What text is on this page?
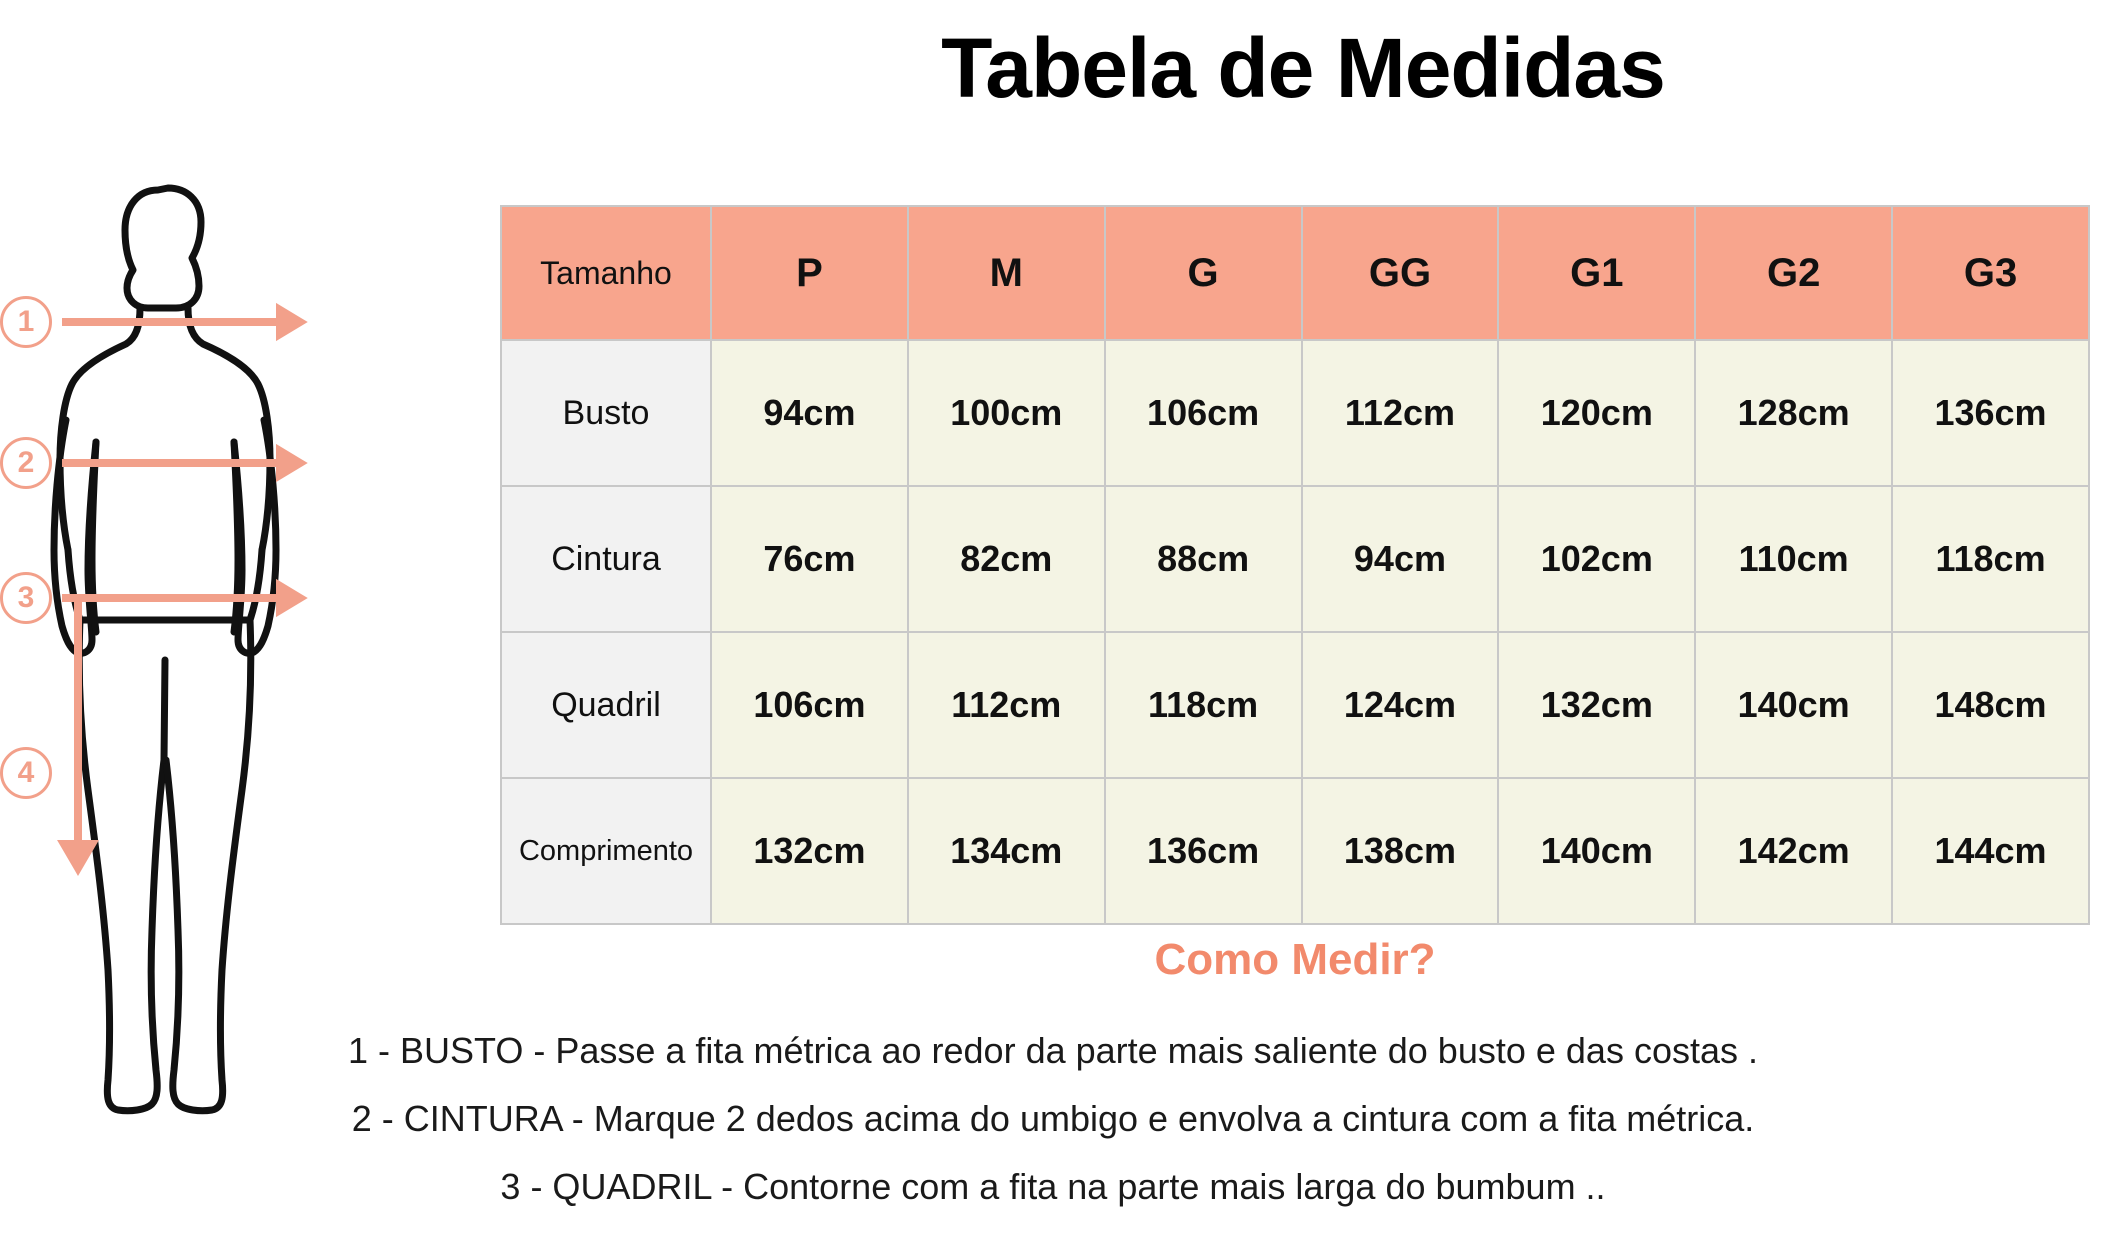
Tabela de Medidas
1
2
3
4
Tamanho	P	M	G	GG	G1	G2	G3
Busto	94cm	100cm	106cm	112cm	120cm	128cm	136cm
Cintura	76cm	82cm	88cm	94cm	102cm	110cm	118cm
Quadril	106cm	112cm	118cm	124cm	132cm	140cm	148cm
Comprimento	132cm	134cm	136cm	138cm	140cm	142cm	144cm
Como Medir?
1 - BUSTO - Passe a fita métrica ao redor da parte mais saliente do busto e das costas .
2 - CINTURA - Marque 2 dedos acima do umbigo e envolva a cintura com a fita métrica.
3 - QUADRIL - Contorne com a fita na parte mais larga do bumbum ..
